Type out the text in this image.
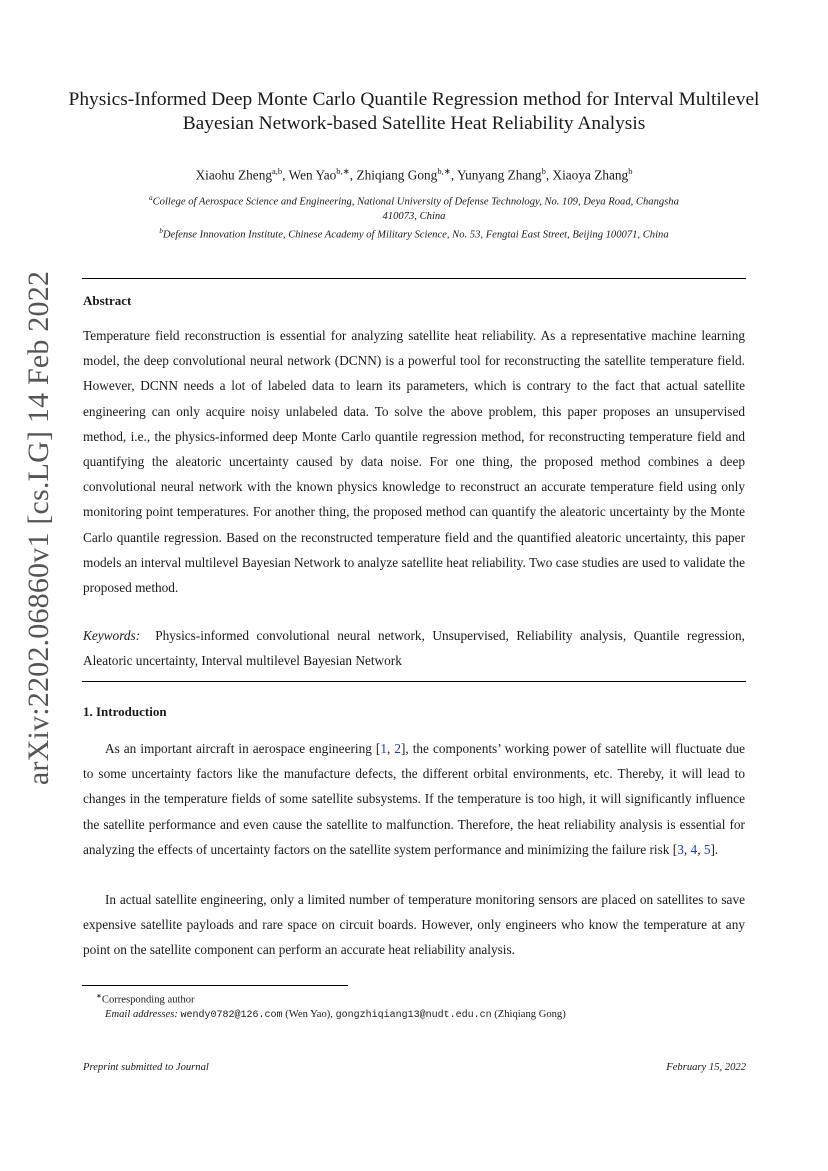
arXiv:2202.06860v1 [cs.LG] 14 Feb 2022
Physics-Informed Deep Monte Carlo Quantile Regression method for Interval Multilevel Bayesian Network-based Satellite Heat Reliability Analysis
Xiaohu Zheng$^{a,b}$, Wen Yao$^{b,∗}$, Zhiqiang Gong$^{b,∗}$, Yunyang Zhang$^b$, Xiaoya Zhang$^b$
$^a$College of Aerospace Science and Engineering, National University of Defense Technology, No. 109, Deya Road, Changsha
410073, China
$^b$Defense Innovation Institute, Chinese Academy of Military Science, No. 53, Fengtai East Street, Beijing 100071, China
Abstract

Temperature field reconstruction is essential for analyzing satellite heat reliability. As a representative machine learning model, the deep convolutional neural network (DCNN) is a powerful tool for reconstructing the satellite temperature field. However, DCNN needs a lot of labeled data to learn its parameters, which is contrary to the fact that actual satellite engineering can only acquire noisy unlabeled data. To solve the above problem, this paper proposes an unsupervised method, i.e., the physics-informed deep Monte Carlo quantile regression method, for reconstructing temperature field and quantifying the aleatoric uncertainty caused by data noise. For one thing, the proposed method combines a deep convolutional neural network with the known physics knowledge to reconstruct an accurate temperature field using only monitoring point temperatures. For another thing, the proposed method can quantify the aleatoric uncertainty by the Monte Carlo quantile regression. Based on the reconstructed temperature field and the quantified aleatoric uncertainty, this paper models an interval multilevel Bayesian Network to analyze satellite heat reliability. Two case studies are used to validate the proposed method.

Keywords: Physics-informed convolutional neural network, Unsupervised, Reliability analysis, Quantile regression, Aleatoric uncertainty, Interval multilevel Bayesian Network

1. Introduction

As an important aircraft in aerospace engineering [1, 2], the components’ working power of satellite will fluctuate due to some uncertainty factors like the manufacture defects, the different orbital environments, etc. Thereby, it will lead to changes in the temperature fields of some satellite subsystems. If the temperature is too high, it will significantly influence the satellite performance and even cause the satellite to malfunction. Therefore, the heat reliability analysis is essential for analyzing the effects of uncertainty factors on the satellite system performance and minimizing the failure risk [3, 4, 5].

In actual satellite engineering, only a limited number of temperature monitoring sensors are placed on satellites to save expensive satellite payloads and rare space on circuit boards. However, only engineers who know the temperature at any point on the satellite component can perform an accurate heat reliability analysis.

∗Corresponding author
Email addresses: wendy0782@126.com (Wen Yao), gongzhiqiang13@nudt.edu.cn (Zhiqiang Gong)
Preprint submitted to Journal	February 15, 2022
